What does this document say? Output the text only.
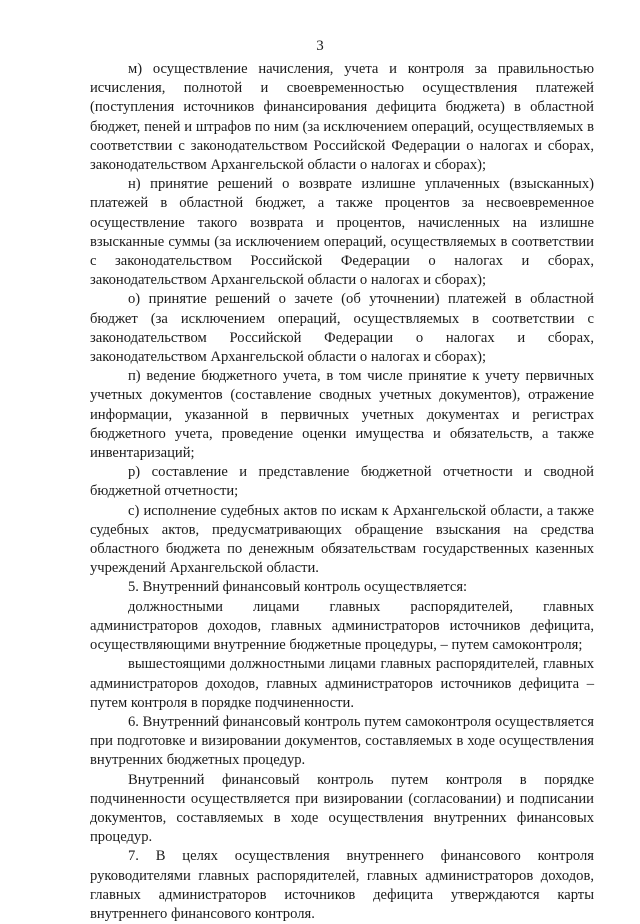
3

м) осуществление начисления, учета и контроля за правильностью исчисления, полнотой и своевременностью осуществления платежей (поступления источников финансирования дефицита бюджета) в областной бюджет, пеней и штрафов по ним (за исключением операций, осуществляемых в соответствии с законодательством Российской Федерации о налогах и сборах, законодательством Архангельской области о налогах и сборах);

н) принятие решений о возврате излишне уплаченных (взысканных) платежей в областной бюджет, а также процентов за несвоевременное осуществление такого возврата и процентов, начисленных на излишне взысканные суммы (за исключением операций, осуществляемых в соответствии с законодательством Российской Федерации о налогах и сборах, законодательством Архангельской области о налогах и сборах);

о) принятие решений о зачете (об уточнении) платежей в областной бюджет (за исключением операций, осуществляемых в соответствии с законодательством Российской Федерации о налогах и сборах, законодательством Архангельской области о налогах и сборах);

п) ведение бюджетного учета, в том числе принятие к учету первичных учетных документов (составление сводных учетных документов), отражение информации, указанной в первичных учетных документах и регистрах бюджетного учета, проведение оценки имущества и обязательств, а также инвентаризаций;

р) составление и представление бюджетной отчетности и сводной бюджетной отчетности;

с) исполнение судебных актов по искам к Архангельской области, а также судебных актов, предусматривающих обращение взыскания на средства областного бюджета по денежным обязательствам государственных казенных учреждений Архангельской области.

5. Внутренний финансовый контроль осуществляется:

должностными лицами главных распорядителей, главных администраторов доходов, главных администраторов источников дефицита, осуществляющими внутренние бюджетные процедуры, – путем самоконтроля;

вышестоящими должностными лицами главных распорядителей, главных администраторов доходов, главных администраторов источников дефицита – путем контроля в порядке подчиненности.

6. Внутренний финансовый контроль путем самоконтроля осуществляется при подготовке и визировании документов, составляемых в ходе осуществления внутренних бюджетных процедур.

Внутренний финансовый контроль путем контроля в порядке подчиненности осуществляется при визировании (согласовании) и подписании документов, составляемых в ходе осуществления внутренних финансовых процедур.

7. В целях осуществления внутреннего финансового контроля руководителями главных распорядителей, главных администраторов доходов, главных администраторов источников дефицита утверждаются карты внутреннего финансового контроля.
